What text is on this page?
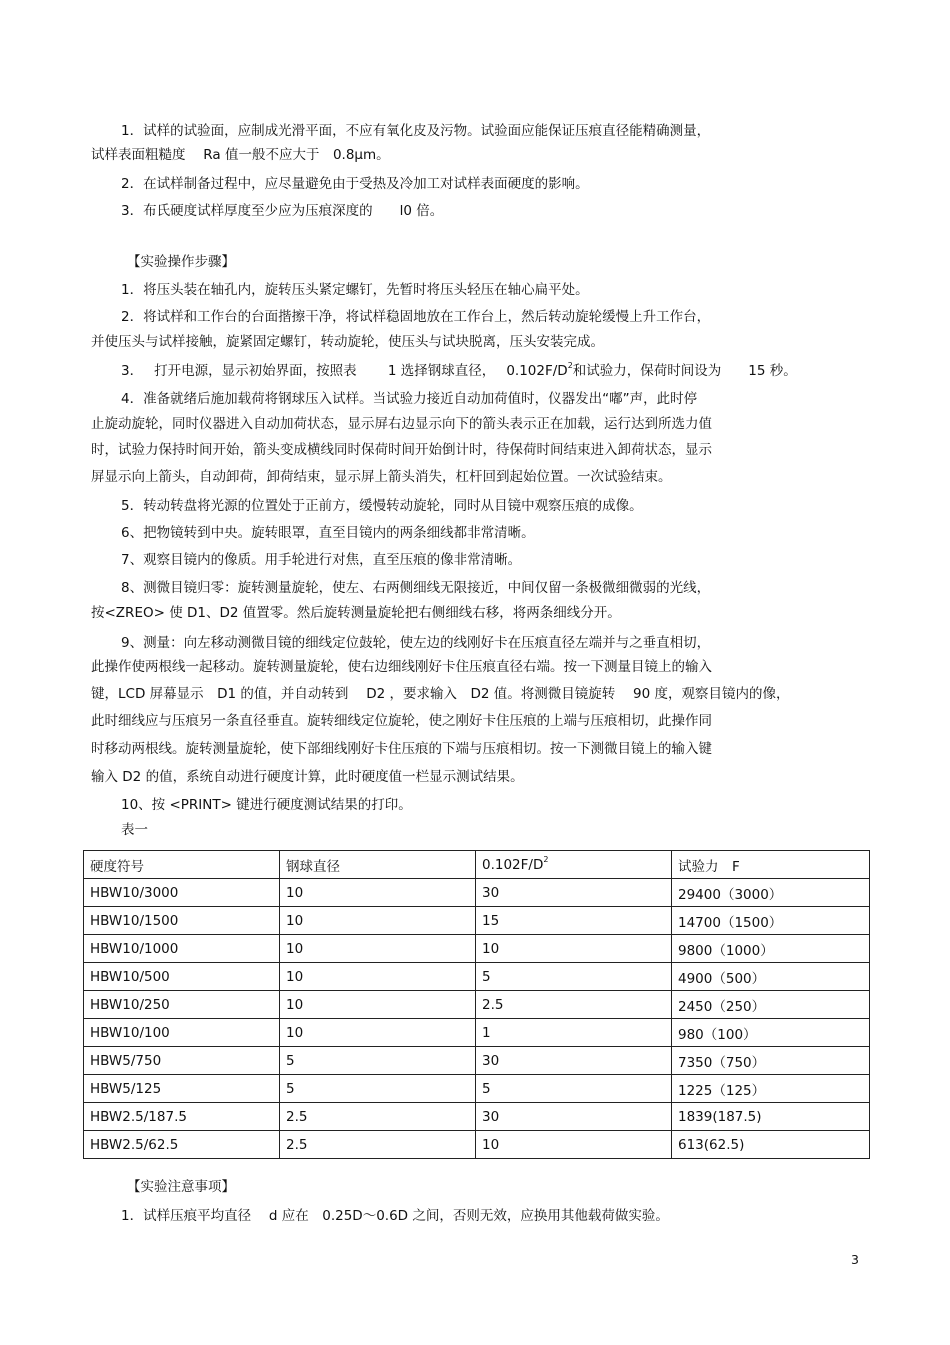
1．试样的试验面，应制成光滑平面，不应有氧化皮及污物。试验面应能保证压痕直径能精确测量，
试样表面粗糙度　 Ra 值一般不应大于　0.8μm。
2．在试样制备过程中，应尽量避免由于受热及冷加工对试样表面硬度的影响。
3．布氏硬度试样厚度至少应为压痕深度的　　l0 倍。
【实验操作步骤】
1．将压头装在轴孔内，旋转压头紧定螺钉，先暂时将压头轻压在轴心扁平处。
2．将试样和工作台的台面揩擦干净，将试样稳固地放在工作台上，然后转动旋轮缓慢上升工作台，
并使压头与试样接触，旋紧固定螺钉，转动旋轮，使压头与试块脱离，压头安装完成。
3．　 打开电源，显示初始界面，按照表　　 1 选择钢球直径，　 $0.102F/D^2$和试验力，保荷时间设为　　15 秒。
4．准备就绪后施加载荷将钢球压入试样。当试验力接近自动加荷值时，仪器发出“嘟”声，此时停
止旋动旋轮，同时仪器进入自动加荷状态，显示屏右边显示向下的箭头表示正在加载，运行达到所选力值
时，试验力保持时间开始，箭头变成横线同时保荷时间开始倒计时，待保荷时间结束进入卸荷状态，显示
屏显示向上箭头，自动卸荷，卸荷结束，显示屏上箭头消失，杠杆回到起始位置。一次试验结束。
5．转动转盘将光源的位置处于正前方，缓慢转动旋轮，同时从目镜中观察压痕的成像。
6、把物镜转到中央。旋转眼罩，直至目镜内的两条细线都非常清晰。
7、观察目镜内的像质。用手轮进行对焦，直至压痕的像非常清晰。
8、测微目镜归零：旋转测量旋轮，使左、右两侧细线无限接近，中间仅留一条极微细微弱的光线，
按<ZREO> 使 D1、D2 值置零。然后旋转测量旋轮把右侧细线右移，将两条细线分开。
9、测量：向左移动测微目镜的细线定位鼓轮，使左边的线刚好卡在压痕直径左端并与之垂直相切，
此操作使两根线一起移动。旋转测量旋轮，使右边细线刚好卡住压痕直径右端。按一下测量目镜上的输入
键，LCD 屏幕显示　D1 的值，并自动转到　 D2 ，要求输入　D2 值。将测微目镜旋转　 90 度，观察目镜内的像，
此时细线应与压痕另一条直径垂直。旋转细线定位旋轮，使之刚好卡住压痕的上端与压痕相切，此操作同
时移动两根线。旋转测量旋轮，使下部细线刚好卡住压痕的下端与压痕相切。按一下测微目镜上的输入键
输入 D2 的值，系统自动进行硬度计算，此时硬度值一栏显示测试结果。
10、按 <PRINT> 键进行硬度测试结果的打印。
表一
硬度符号	钢球直径	$0.102F/D^2$	试验力　F
HBW10/3000	10	30	29400（3000）
HBW10/1500	10	15	14700（1500）
HBW10/1000	10	10	9800（1000）
HBW10/500	10	5	4900（500）
HBW10/250	10	2.5	2450（250）
HBW10/100	10	1	980（100）
HBW5/750	5	30	7350（750）
HBW5/125	5	5	1225（125）
HBW2.5/187.5	2.5	30	1839(187.5)
HBW2.5/62.5	2.5	10	613(62.5)
【实验注意事项】
1．试样压痕平均直径　 d 应在　0.25D～0.6D 之间，否则无效，应换用其他载荷做实验。
3
